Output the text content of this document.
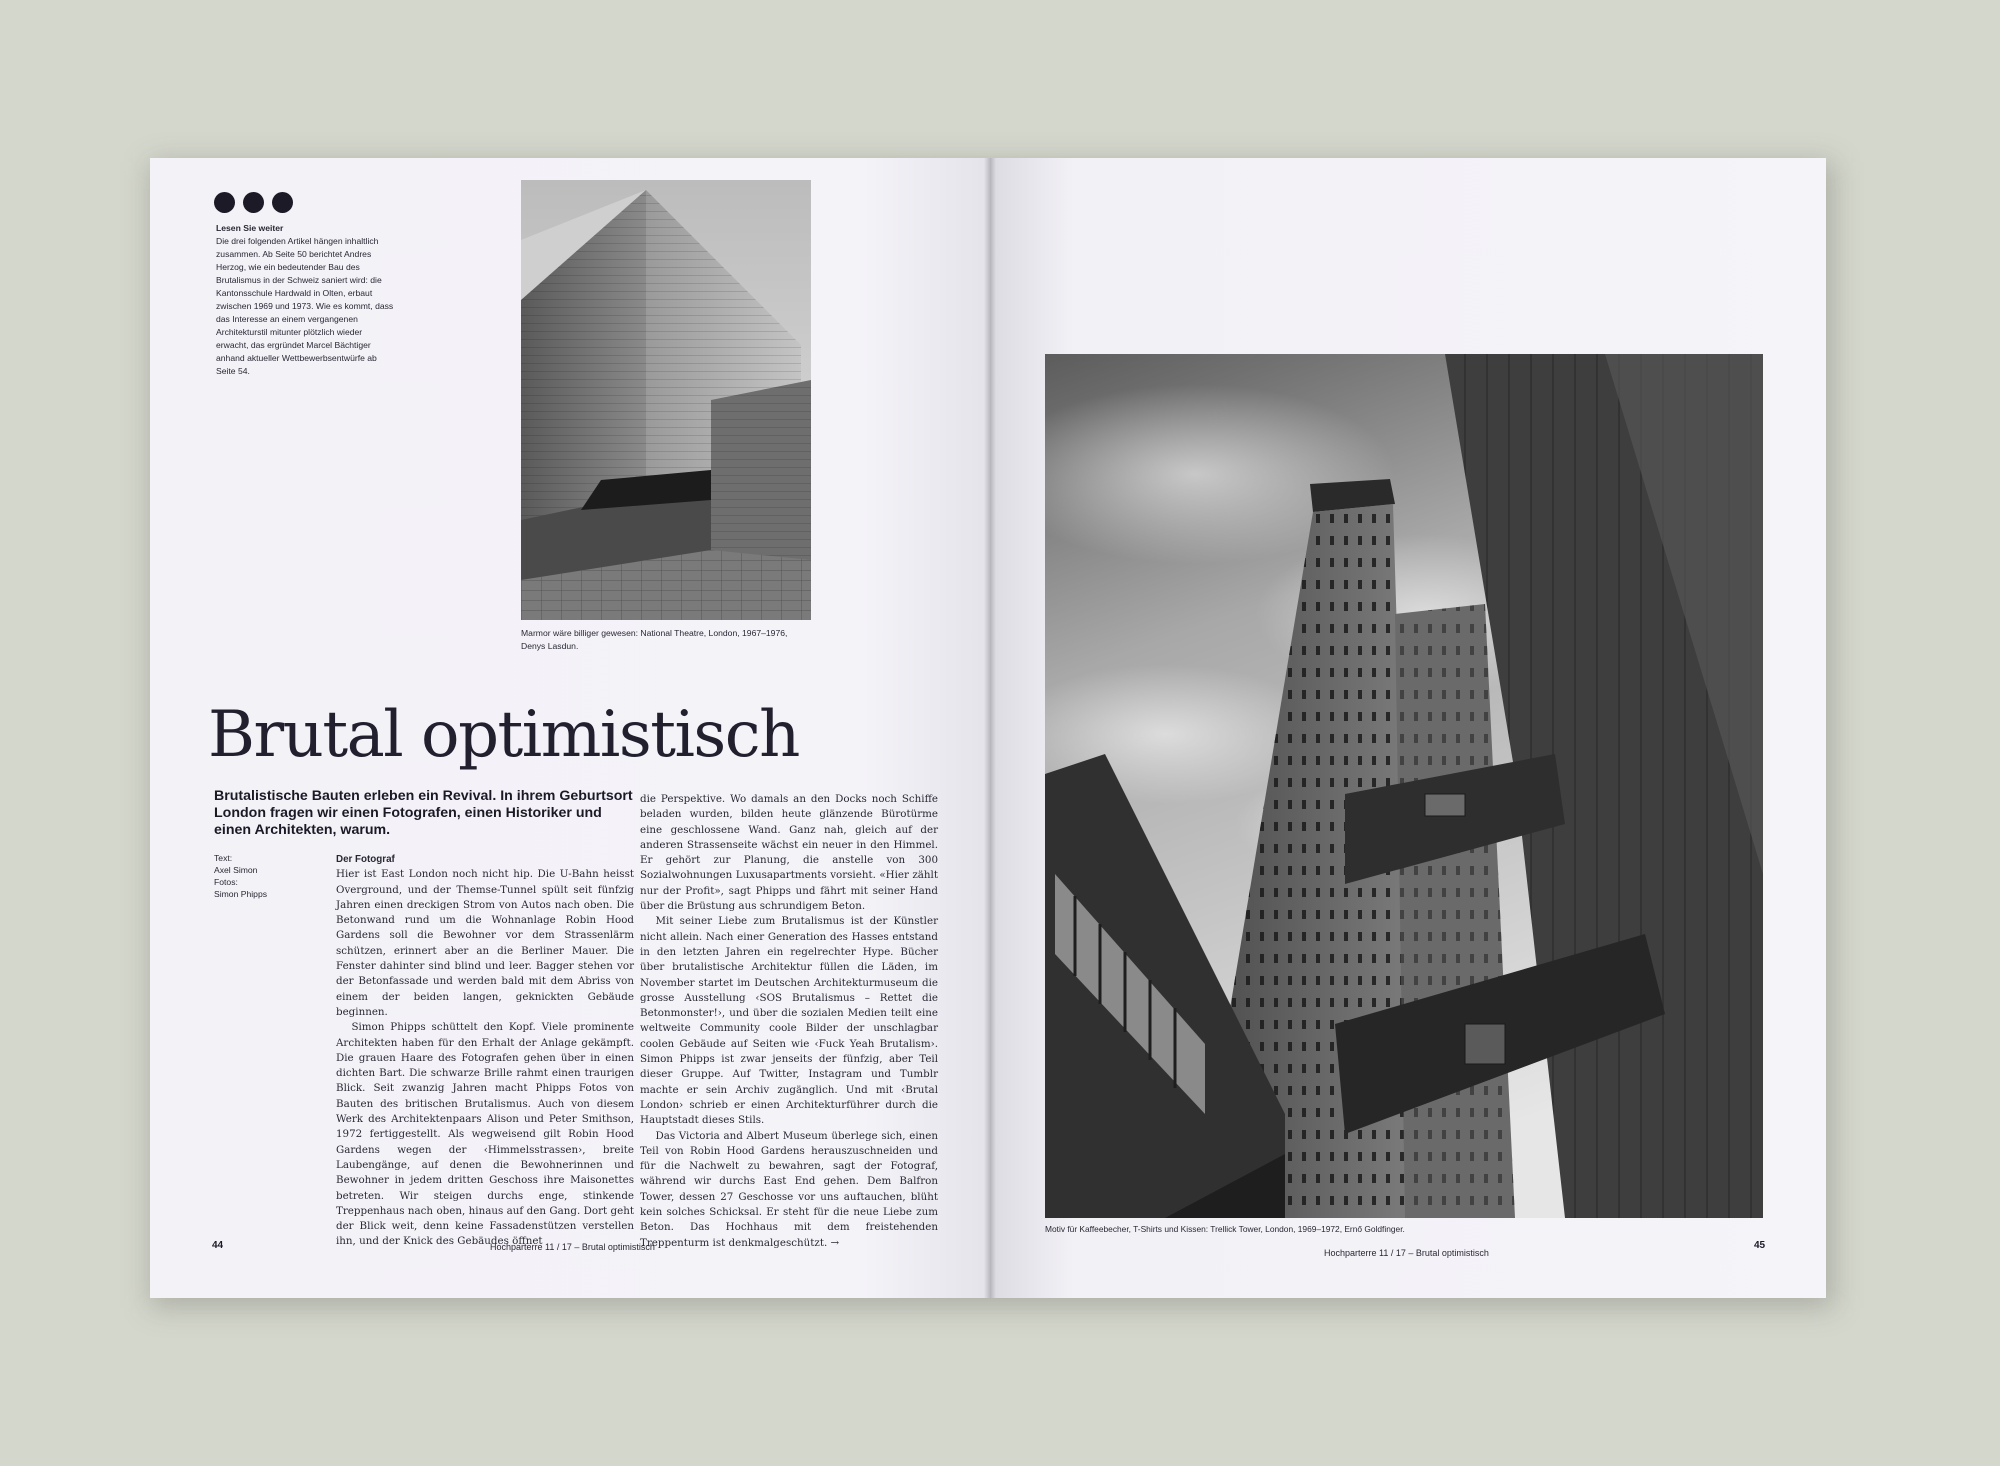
Lesen Sie weiter
Die drei folgenden Artikel hängen inhaltlich zusammen. Ab Seite 50 berichtet Andres Herzog, wie ein bedeutender Bau des Brutalismus in der Schweiz saniert wird: die Kantonsschule Hardwald in Olten, erbaut zwischen 1969 und 1973. Wie es kommt, dass das Interesse an einem vergangenen Architekturstil mitunter plötzlich wieder erwacht, das ergründet Marcel Bächtiger anhand aktueller Wettbewerbsentwürfe ab Seite 54.
Marmor wäre billiger gewesen: National Theatre, London, 1967–1976, Denys Lasdun.
Brutal optimistisch
Brutalistische Bauten erleben ein Revival. In ihrem Geburtsort London fragen wir einen Fotografen, einen Historiker und einen Architekten, warum.
Text:
Axel Simon
Fotos:
Simon Phipps
Der Fotograf

Hier ist East London noch nicht hip. Die U-Bahn heisst Overground, und der Themse-Tunnel spült seit fünfzig Jahren einen dreckigen Strom von Autos nach oben. Die Betonwand rund um die Wohnanlage Robin Hood Gardens soll die Bewohner vor dem Strassenlärm schützen, erinnert aber an die Berliner Mauer. Die Fenster dahinter sind blind und leer. Bagger stehen vor der Betonfassade und werden bald mit dem Abriss von einem der beiden langen, geknickten Gebäude beginnen.

Simon Phipps schüttelt den Kopf. Viele prominente Architekten haben für den Erhalt der Anlage gekämpft. Die grauen Haare des Fotografen gehen über in einen dichten Bart. Die schwarze Brille rahmt einen traurigen Blick. Seit zwanzig Jahren macht Phipps Fotos von Bauten des britischen Brutalismus. Auch von diesem Werk des Architektenpaars Alison und Peter Smithson, 1972 fertiggestellt. Als wegweisend gilt Robin Hood Gardens wegen der ‹Himmelsstrassen›, breite Laubengänge, auf denen die Bewohnerinnen und Bewohner in jedem dritten Geschoss ihre Maisonettes betreten. Wir steigen durchs enge, stinkende Treppenhaus nach oben, hinaus auf den Gang. Dort geht der Blick weit, denn keine Fassadenstützen verstellen ihn, und der Knick des Gebäudes öffnet

die Perspektive. Wo damals an den Docks noch Schiffe beladen wurden, bilden heute glänzende Bürotürme eine geschlossene Wand. Ganz nah, gleich auf der anderen Strassenseite wächst ein neuer in den Himmel. Er gehört zur Planung, die anstelle von 300 Sozialwohnungen Luxusapartments vorsieht. «Hier zählt nur der Profit», sagt Phipps und fährt mit seiner Hand über die Brüstung aus schrundigem Beton.

Mit seiner Liebe zum Brutalismus ist der Künstler nicht allein. Nach einer Generation des Hasses entstand in den letzten Jahren ein regelrechter Hype. Bücher über brutalistische Architektur füllen die Läden, im November startet im Deutschen Architekturmuseum die grosse Ausstellung ‹SOS Brutalismus – Rettet die Betonmonster!›, und über die sozialen Medien teilt eine weltweite Community coole Bilder der unschlagbar coolen Gebäude auf Seiten wie ‹Fuck Yeah Brutalism›. Simon Phipps ist zwar jenseits der fünfzig, aber Teil dieser Gruppe. Auf Twitter, Instagram und Tumblr machte er sein Archiv zugänglich. Und mit ‹Brutal London› schrieb er einen Architekturführer durch die Hauptstadt dieses Stils.

Das Victoria and Albert Museum überlege sich, einen Teil von Robin Hood Gardens herauszuschneiden und für die Nachwelt zu bewahren, sagt der Fotograf, während wir durchs East End gehen. Dem Balfron Tower, dessen 27 Geschosse vor uns auftauchen, blüht kein solches Schicksal. Er steht für die neue Liebe zum Beton. Das Hochhaus mit dem freistehenden Treppenturm ist denkmalgeschützt. →

44	Hochparterre 11 / 17 – Brutal optimistisch
Motiv für Kaffeebecher, T-Shirts und Kissen: Trellick Tower, London, 1969–1972, Ernő Goldfinger.
Hochparterre 11 / 17 – Brutal optimistisch
45
